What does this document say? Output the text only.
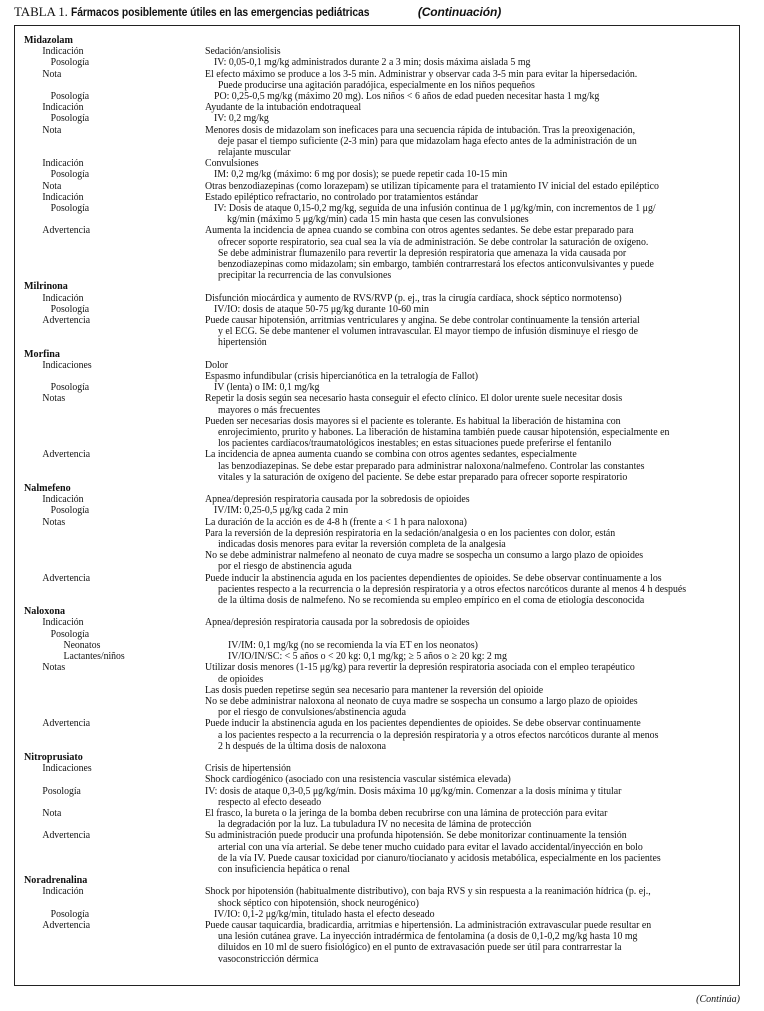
TABLA 1. Fármacos posiblemente útiles en las emergencias pediátricas	(Continuación)
Midazolam
Indicación	Sedación/ansiolisis
Posología	IV: 0,05-0,1 mg/kg administrados durante 2 a 3 min; dosis máxima aislada 5 mg
Nota	El efecto máximo se produce a los 3-5 min. Administrar y observar cada 3-5 min para evitar la hipersedación.
Puede producirse una agitación paradójica, especialmente en los niños pequeños
Posología	PO: 0,25-0,5 mg/kg (máximo 20 mg). Los niños < 6 años de edad pueden necesitar hasta 1 mg/kg
Indicación	Ayudante de la intubación endotraqueal
Posología	IV: 0,2 mg/kg
Nota	Menores dosis de midazolam son ineficaces para una secuencia rápida de intubación. Tras la preoxigenación,
deje pasar el tiempo suficiente (2-3 min) para que midazolam haga efecto antes de la administración de un
relajante muscular
Indicación	Convulsiones
Posología	IM: 0,2 mg/kg (máximo: 6 mg por dosis); se puede repetir cada 10-15 min
Nota	Otras benzodiazepinas (como lorazepam) se utilizan típicamente para el tratamiento IV inicial del estado epiléptico
Indicación	Estado epiléptico refractario, no controlado por tratamientos estándar
Posología	IV: Dosis de ataque 0,15-0,2 mg/kg, seguida de una infusión continua de 1 μg/kg/min, con incrementos de 1 μg/
kg/min (máximo 5 μg/kg/min) cada 15 min hasta que cesen las convulsiones
Advertencia	Aumenta la incidencia de apnea cuando se combina con otros agentes sedantes. Se debe estar preparado para
ofrecer soporte respiratorio, sea cual sea la vía de administración. Se debe controlar la saturación de oxígeno.
Se debe administrar flumazenilo para revertir la depresión respiratoria que amenaza la vida causada por
benzodiazepinas como midazolam; sin embargo, también contrarrestará los efectos anticonvulsivantes y puede
precipitar la recurrencia de las convulsiones
Milrinona
Indicación	Disfunción miocárdica y aumento de RVS/RVP (p. ej., tras la cirugía cardíaca, shock séptico normotenso)
Posología	IV/IO: dosis de ataque 50-75 μg/kg durante 10-60 min
Advertencia	Puede causar hipotensión, arritmias ventriculares y angina. Se debe controlar continuamente la tensión arterial
y el ECG. Se debe mantener el volumen intravascular. El mayor tiempo de infusión disminuye el riesgo de
hipertensión
Morfina
Indicaciones	Dolor
Espasmo infundibular (crisis hipercianótica en la tetralogía de Fallot)
Posología	IV (lenta) o IM: 0,1 mg/kg
Notas	Repetir la dosis según sea necesario hasta conseguir el efecto clínico. El dolor urente suele necesitar dosis
mayores o más frecuentes
Pueden ser necesarias dosis mayores si el paciente es tolerante. Es habitual la liberación de histamina con
enrojecimiento, prurito y habones. La liberación de histamina también puede causar hipotensión, especialmente en
los pacientes cardíacos/traumatológicos inestables; en estas situaciones puede preferirse el fentanilo
Advertencia	La incidencia de apnea aumenta cuando se combina con otros agentes sedantes, especialmente
las benzodiazepinas. Se debe estar preparado para administrar naloxona/nalmefeno. Controlar las constantes
vitales y la saturación de oxígeno del paciente. Se debe estar preparado para ofrecer soporte respiratorio
Nalmefeno
Indicación	Apnea/depresión respiratoria causada por la sobredosis de opioides
Posología	IV/IM: 0,25-0,5 μg/kg cada 2 min
Notas	La duración de la acción es de 4-8 h (frente a < 1 h para naloxona)
Para la reversión de la depresión respiratoria en la sedación/analgesia o en los pacientes con dolor, están
indicadas dosis menores para evitar la reversión completa de la analgesia
No se debe administrar nalmefeno al neonato de cuya madre se sospecha un consumo a largo plazo de opioides
por el riesgo de abstinencia aguda
Advertencia	Puede inducir la abstinencia aguda en los pacientes dependientes de opioides. Se debe observar continuamente a los
pacientes respecto a la recurrencia o la depresión respiratoria y a otros efectos narcóticos durante al menos 4 h después
de la última dosis de nalmefeno. No se recomienda su empleo empírico en el coma de etiología desconocida
Naloxona
Indicación	Apnea/depresión respiratoria causada por la sobredosis de opioides
Posología

Neonatos	IV/IM: 0,1 mg/kg (no se recomienda la vía ET en los neonatos)
Lactantes/niños	IV/IO/IN/SC: < 5 años o < 20 kg: 0,1 mg/kg; ≥ 5 años o ≥ 20 kg: 2 mg
Notas	Utilizar dosis menores (1-15 μg/kg) para revertir la depresión respiratoria asociada con el empleo terapéutico
de opioides
Las dosis pueden repetirse según sea necesario para mantener la reversión del opioide
No se debe administrar naloxona al neonato de cuya madre se sospecha un consumo a largo plazo de opioides
por el riesgo de convulsiones/abstinencia aguda
Advertencia	Puede inducir la abstinencia aguda en los pacientes dependientes de opioides. Se debe observar continuamente
a los pacientes respecto a la recurrencia o la depresión respiratoria y a otros efectos narcóticos durante al menos
2 h después de la última dosis de naloxona
Nitroprusiato
Indicaciones	Crisis de hipertensión
Shock cardiogénico (asociado con una resistencia vascular sistémica elevada)
Posología	IV: dosis de ataque 0,3-0,5 μg/kg/min. Dosis máxima 10 μg/kg/min. Comenzar a la dosis mínima y titular
respecto al efecto deseado
Nota	El frasco, la bureta o la jeringa de la bomba deben recubrirse con una lámina de protección para evitar
la degradación por la luz. La tubuladura IV no necesita de lámina de protección
Advertencia	Su administración puede producir una profunda hipotensión. Se debe monitorizar continuamente la tensión
arterial con una vía arterial. Se debe tener mucho cuidado para evitar el lavado accidental/inyección en bolo
de la vía IV. Puede causar toxicidad por cianuro/tiocianato y acidosis metabólica, especialmente en los pacientes
con insuficiencia hepática o renal
Noradrenalina
Indicación	Shock por hipotensión (habitualmente distributivo), con baja RVS y sin respuesta a la reanimación hídrica (p. ej.,
shock séptico con hipotensión, shock neurogénico)
Posología	IV/IO: 0,1-2 μg/kg/min, titulado hasta el efecto deseado
Advertencia	Puede causar taquicardia, bradicardia, arritmias e hipertensión. La administración extravascular puede resultar en
una lesión cutánea grave. La inyección intradérmica de fentolamina (a dosis de 0,1-0,2 mg/kg hasta 10 mg
diluidos en 10 ml de suero fisiológico) en el punto de extravasación puede ser útil para contrarrestar la
vasoconstricción dérmica
(Continúa)
